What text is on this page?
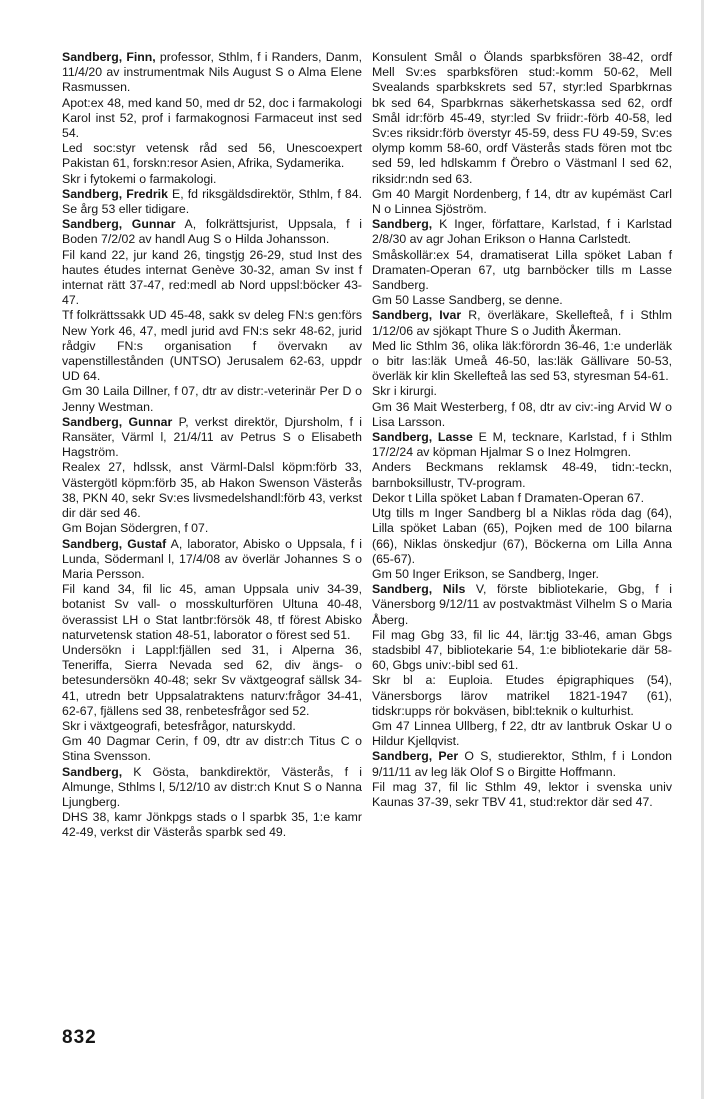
Sandberg, Finn, professor, Sthlm, f i Randers, Danm, 11/4/20 av instrumentmak Nils August S o Alma Elene Rasmussen.

Apot:ex 48, med kand 50, med dr 52, doc i farmakologi Karol inst 52, prof i farmakognosi Farmaceut inst sed 54.

Led soc:styr vetensk råd sed 56, Unescoexpert Pakistan 61, forskn:resor Asien, Afrika, Sydamerika.

Skr i fytokemi o farmakologi.

Sandberg, Fredrik E, fd riksgäldsdirektör, Sthlm, f 84. Se årg 53 eller tidigare.

Sandberg, Gunnar A, folkrättsjurist, Uppsala, f i Boden 7/2/02 av handl Aug S o Hilda Johansson.

Fil kand 22, jur kand 26, tingstjg 26-29, stud Inst des hautes études internat Genève 30-32, aman Sv inst f internat rätt 37-47, red:medl ab Nord uppsl:böcker 43-47.

Tf folkrättssakk UD 45-48, sakk sv deleg FN:s gen:förs New York 46, 47, medl jurid avd FN:s sekr 48-62, jurid rådgiv FN:s organisation f övervakn av vapenstilleståndeп (UNTSO) Jerusalem 62-63, uppdr UD 64.

Gm 30 Laila Dillner, f 07, dtr av distr:-veterinär Per D o Jenny Westman.

Sandberg, Gunnar P, verkst direktör, Djursholm, f i Ransäter, Värml l, 21/4/11 av Petrus S o Elisabeth Hagström.

Realex 27, hdlssk, anst Värml-Dalsl köpm:förb 33, Västergötl köpm:förb 35, ab Hakon Swenson Västerås 38, PKN 40, sekr Sv:es livsmedelshandl:förb 43, verkst dir där sed 46.

Gm Bojan Södergren, f 07.

Sandberg, Gustaf A, laborator, Abisko o Uppsala, f i Lunda, Södermanl l, 17/4/08 av överlär Johannes S o Maria Persson.

Fil kand 34, fil lic 45, aman Uppsala univ 34-39, botanist Sv vall- o mosskulturfören Ultuna 40-48, överassist LH o Stat lantbr:försök 48, tf förest Abisko naturvetensk station 48-51, laborator o förest sed 51.

Undersökn i Lappl:fjällen sed 31, i Alperna 36, Teneriffa, Sierra Nevada sed 62, div ängs- o betesundersökn 40-48; sekr Sv växtgeograf sällsk 34-41, utredn betr Uppsalatraktens naturv:frågor 34-41, 62-67, fjällens sed 38, renbetesfrågor sed 52.

Skr i växtgeografi, betesfrågor, naturskydd.

Gm 40 Dagmar Cerin, f 09, dtr av distr:ch Titus C o Stina Svensson.

Sandberg, K Gösta, bankdirektör, Västerås, f i Almunge, Sthlms l, 5/12/10 av distr:ch Knut S o Nanna Ljungberg.

DHS 38, kamr Jönkpgs stads o l sparbk 35, 1:e kamr 42-49, verkst dir Västerås sparbk sed 49.

Konsulent Smål o Ölands sparbksfören 38-42, ordf Mell Sv:es sparbksfören stud:-komm 50-62, Mell Svealands sparbkskrets sed 57, styr:led Sparbkrnas bk sed 64, Sparbkrnas säkerhetskassa sed 62, ordf Smål idr:förb 45-49, styr:led Sv friidr:-förb 40-58, led Sv:es riksidr:förb överstyr 45-59, dess FU 49-59, Sv:es olymp komm 58-60, ordf Västerås stads fören mot tbc sed 59, led hdlskamm f Örebro o Västmanl l sed 62, riksidr:ndn sed 63.

Gm 40 Margit Nordenberg, f 14, dtr av kupémäst Carl N o Linnea Sjöström.

Sandberg, K Inger, författare, Karlstad, f i Karlstad 2/8/30 av agr Johan Erikson o Hanna Carlstedt.

Småskollär:ex 54, dramatiserat Lilla spöket Laban f Dramaten-Operan 67, utg barnböcker tills m Lasse Sandberg.

Gm 50 Lasse Sandberg, se denne.

Sandberg, Ivar R, överläkare, Skellefteå, f i Sthlm 1/12/06 av sjökapt Thure S o Judith Åkerman.

Med lic Sthlm 36, olika läk:förordn 36-46, 1:e underläk o bitr las:läk Umeå 46-50, las:läk Gällivare 50-53, överläk kir klin Skellefteå las sed 53, styresman 54-61.

Skr i kirurgi.

Gm 36 Mait Westerberg, f 08, dtr av civ:-ing Arvid W o Lisa Larsson.

Sandberg, Lasse E M, tecknare, Karlstad, f i Sthlm 17/2/24 av köpman Hjalmar S o Inez Holmgren.

Anders Beckmans reklamsk 48-49, tidn:-teckn, barnboksillustr, TV-program.

Dekor t Lilla spöket Laban f Dramaten-Operan 67.

Utg tills m Inger Sandberg bl a Niklas röda dag (64), Lilla spöket Laban (65), Pojken med de 100 bilarna (66), Niklas önskedjur (67), Böckerna om Lilla Anna (65-67).

Gm 50 Inger Erikson, se Sandberg, Inger.

Sandberg, Nils V, förste bibliotekarie, Gbg, f i Vänersborg 9/12/11 av postvaktmäst Vilhelm S o Maria Åberg.

Fil mag Gbg 33, fil lic 44, lär:tjg 33-46, aman Gbgs stadsbibl 47, bibliotekarie 54, 1:e bibliotekarie där 58-60, Gbgs univ:-bibl sed 61.

Skr bl a: Euploia. Etudes épigraphiques (54), Vänersborgs lärov matrikel 1821-1947 (61), tidskr:upps rör bokväsen, bibl:teknik o kulturhist.

Gm 47 Linnea Ullberg, f 22, dtr av lantbruk Oskar U o Hildur Kjellqvist.

Sandberg, Per O S, studierektor, Sthlm, f i London 9/11/11 av leg läk Olof S o Birgitte Hoffmann.

Fil mag 37, fil lic Sthlm 49, lektor i svenska univ Kaunas 37-39, sekr TBV 41, stud:rektor där sed 47.

832
